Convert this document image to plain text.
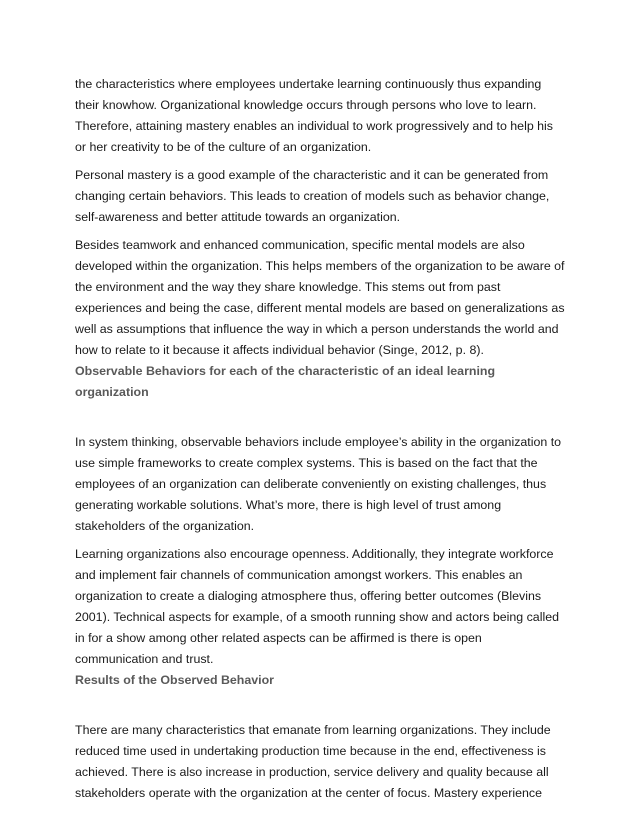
the characteristics where employees undertake learning continuously thus expanding their knowhow. Organizational knowledge occurs through persons who love to learn. Therefore, attaining mastery enables an individual to work progressively and to help his or her creativity to be of the culture of an organization.

Personal mastery is a good example of the characteristic and it can be generated from changing certain behaviors. This leads to creation of models such as behavior change, self-awareness and better attitude towards an organization.

Besides teamwork and enhanced communication, specific mental models are also developed within the organization. This helps members of the organization to be aware of the environment and the way they share knowledge. This stems out from past experiences and being the case, different mental models are based on generalizations as well as assumptions that influence the way in which a person understands the world and how to relate to it because it affects individual behavior (Singe, 2012, p. 8).

Observable Behaviors for each of the characteristic of an ideal learning organization

In system thinking, observable behaviors include employee’s ability in the organization to use simple frameworks to create complex systems. This is based on the fact that the employees of an organization can deliberate conveniently on existing challenges, thus generating workable solutions. What’s more, there is high level of trust among stakeholders of the organization.

Learning organizations also encourage openness. Additionally, they integrate workforce and implement fair channels of communication amongst workers. This enables an organization to create a dialoging atmosphere thus, offering better outcomes (Blevins 2001). Technical aspects for example, of a smooth running show and actors being called in for a show among other related aspects can be affirmed is there is open communication and trust.

Results of the Observed Behavior

There are many characteristics that emanate from learning organizations. They include reduced time used in undertaking production time because in the end, effectiveness is achieved. There is also increase in production, service delivery and quality because all stakeholders operate with the organization at the center of focus. Mastery experience
